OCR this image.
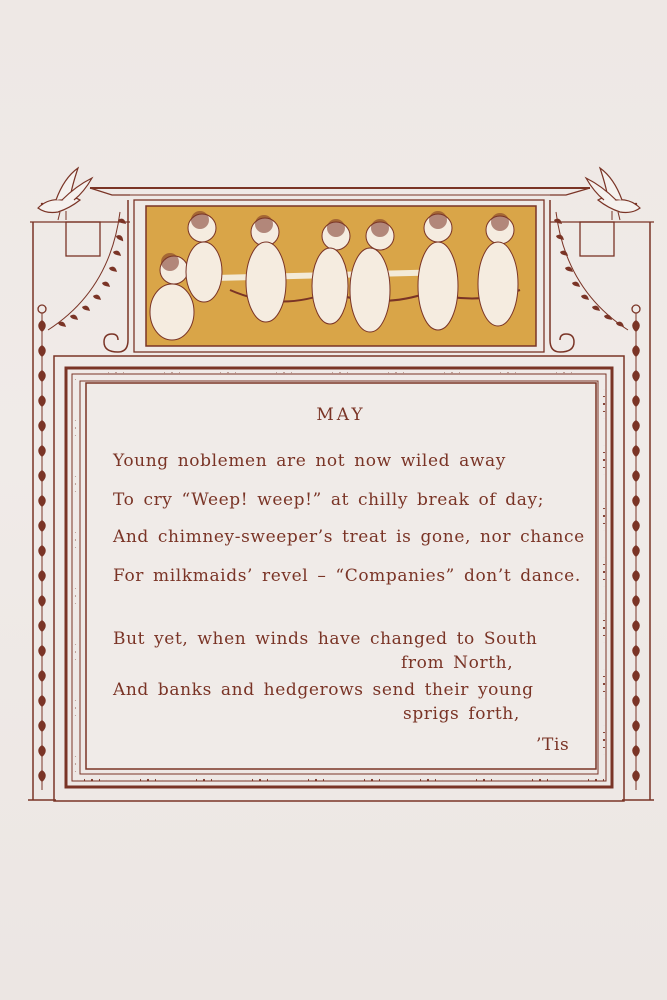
MAY
Young noblemen are not now wiled away
To cry “Weep! weep!” at chilly break of day;
And chimney-sweeper’s treat is gone, nor chance
For milkmaids’ revel – “Companies” don’t dance.
But yet, when winds have changed to South
from North,
And banks and hedgerows send their young
sprigs forth,
’Tis
